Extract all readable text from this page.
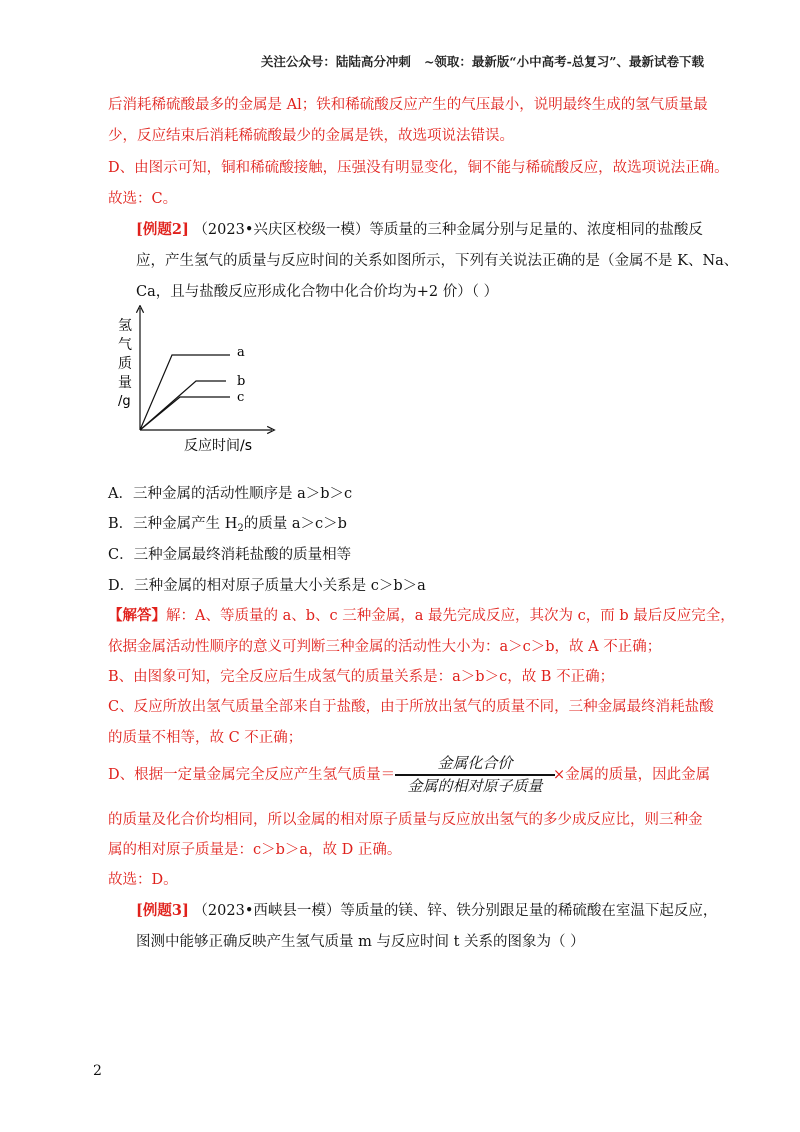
关注公众号：陆陆高分冲刺   ~领取：最新版“小中高考-总复习”、最新试卷下载
后消耗稀硫酸最多的金属是 Al；铁和稀硫酸反应产生的气压最小，说明最终生成的氢气质量最
少，反应结束后消耗稀硫酸最少的金属是铁，故选项说法错误。
D、由图示可知，铜和稀硫酸接触，压强没有明显变化，铜不能与稀硫酸反应，故选项说法正确。
故选：C。
[例题2] （2023•兴庆区校级一模）等质量的三种金属分别与足量的、浓度相同的盐酸反
应，产生氢气的质量与反应时间的关系如图所示，下列有关说法正确的是（金属不是 K、Na、
Ca，且与盐酸反应形成化合物中化合价均为+2 价）（ ）
a
b
c
氢
气
质
量
/g
反应时间/s
A．三种金属的活动性顺序是 a＞b＞c
B．三种金属产生 $H_2$的质量 a＞c＞b
C．三种金属最终消耗盐酸的质量相等
D．三种金属的相对原子质量大小关系是 c＞b＞a
【解答】解：A、等质量的 a、b、c 三种金属，a 最先完成反应，其次为 c，而 b 最后反应完全，
依据金属活动性顺序的意义可判断三种金属的活动性大小为：a＞c＞b，故 A 不正确；
B、由图象可知，完全反应后生成氢气的质量关系是：a＞b＞c，故 B 不正确；
C、反应所放出氢气质量全部来自于盐酸，由于所放出氢气的质量不同，三种金属最终消耗盐酸
的质量不相等，故 C 不正确；
D、根据一定量金属完全反应产生氢气质量＝
金属化合价
金属的相对原子质量
×金属的质量，因此金属
的质量及化合价均相同，所以金属的相对原子质量与反应放出氢气的多少成反应比，则三种金
属的相对原子质量是：c＞b＞a，故 D 正确。
故选：D。
[例题3] （2023•西峡县一模）等质量的镁、锌、铁分别跟足量的稀硫酸在室温下起反应，
图测中能够正确反映产生氢气质量 m 与反应时间 t 关系的图象为（ ）
2
